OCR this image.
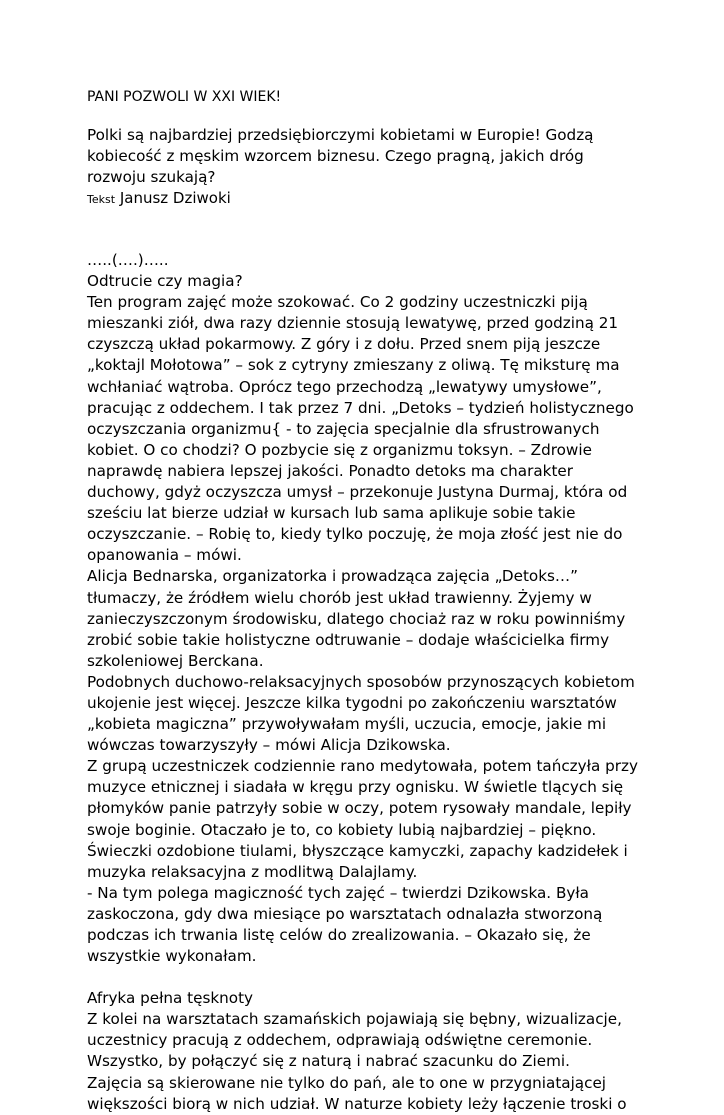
PANI POZWOLI W XXI WIEK!

Polki są najbardziej przedsiębiorczymi kobietami w Europie! Godzą kobiecość z męskim wzorcem biznesu. Czego pragną, jakich dróg rozwoju szukają?

Tekst Janusz Dziwoki

…..(….)…..

Odtrucie czy magia?

Ten program zajęć może szokować. Co 2 godziny uczestniczki piją mieszanki ziół, dwa razy dziennie stosują lewatywę, przed godziną 21 czyszczą układ pokarmowy. Z góry i z dołu. Przed snem piją jeszcze „koktajl Mołotowa” – sok z cytryny zmieszany z oliwą. Tę miksturę ma wchłaniać wątroba. Oprócz tego przechodzą „lewatywy umysłowe”, pracując z oddechem. I tak przez 7 dni. „Detoks – tydzień holistycznego oczyszczania organizmu{ - to zajęcia specjalnie dla sfrustrowanych kobiet. O co chodzi? O pozbycie się z organizmu toksyn. – Zdrowie naprawdę nabiera lepszej jakości. Ponadto detoks ma charakter duchowy, gdyż oczyszcza umysł – przekonuje Justyna Durmaj, która od sześciu lat bierze udział w kursach lub sama aplikuje sobie takie oczyszczanie. – Robię to, kiedy tylko poczuję, że moja złość jest nie do opanowania – mówi.

Alicja Bednarska, organizatorka i prowadząca zajęcia „Detoks…” tłumaczy, że źródłem wielu chorób jest układ trawienny. Żyjemy w zanieczyszczonym środowisku, dlatego chociaż raz w roku powinniśmy zrobić sobie takie holistyczne odtruwanie – dodaje właścicielka firmy szkoleniowej Berckana.

Podobnych duchowo-relaksacyjnych sposobów przynoszących kobietom ukojenie jest więcej. Jeszcze kilka tygodni po zakończeniu warsztatów „kobieta magiczna” przywoływałam myśli, uczucia, emocje, jakie mi wówczas towarzyszyły – mówi Alicja Dzikowska.

Z grupą uczestniczek codziennie rano medytowała, potem tańczyła przy muzyce etnicznej i siadała w kręgu przy ognisku. W świetle tlących się płomyków panie patrzyły sobie w oczy, potem rysowały mandale, lepiły swoje boginie. Otaczało je to, co kobiety lubią najbardziej – piękno. Świeczki ozdobione tiulami, błyszczące kamyczki, zapachy kadzidełek i muzyka relaksacyjna z modlitwą Dalajlamy.

- Na tym polega magiczność tych zajęć – twierdzi Dzikowska. Była zaskoczona, gdy dwa miesiące po warsztatach odnalazła stworzoną podczas ich trwania listę celów do zrealizowania. – Okazało się, że wszystkie wykonałam.

Afryka pełna tęsknoty

Z kolei na warsztatach szamańskich pojawiają się bębny, wizualizacje, uczestnicy pracują z oddechem, odprawiają odświętne ceremonie. Wszystko, by połączyć się z naturą i nabrać szacunku do Ziemi.

Zajęcia są skierowane nie tylko do pań, ale to one w przygniatającej większości biorą w nich udział. W naturze kobiety leży łączenie troski o
